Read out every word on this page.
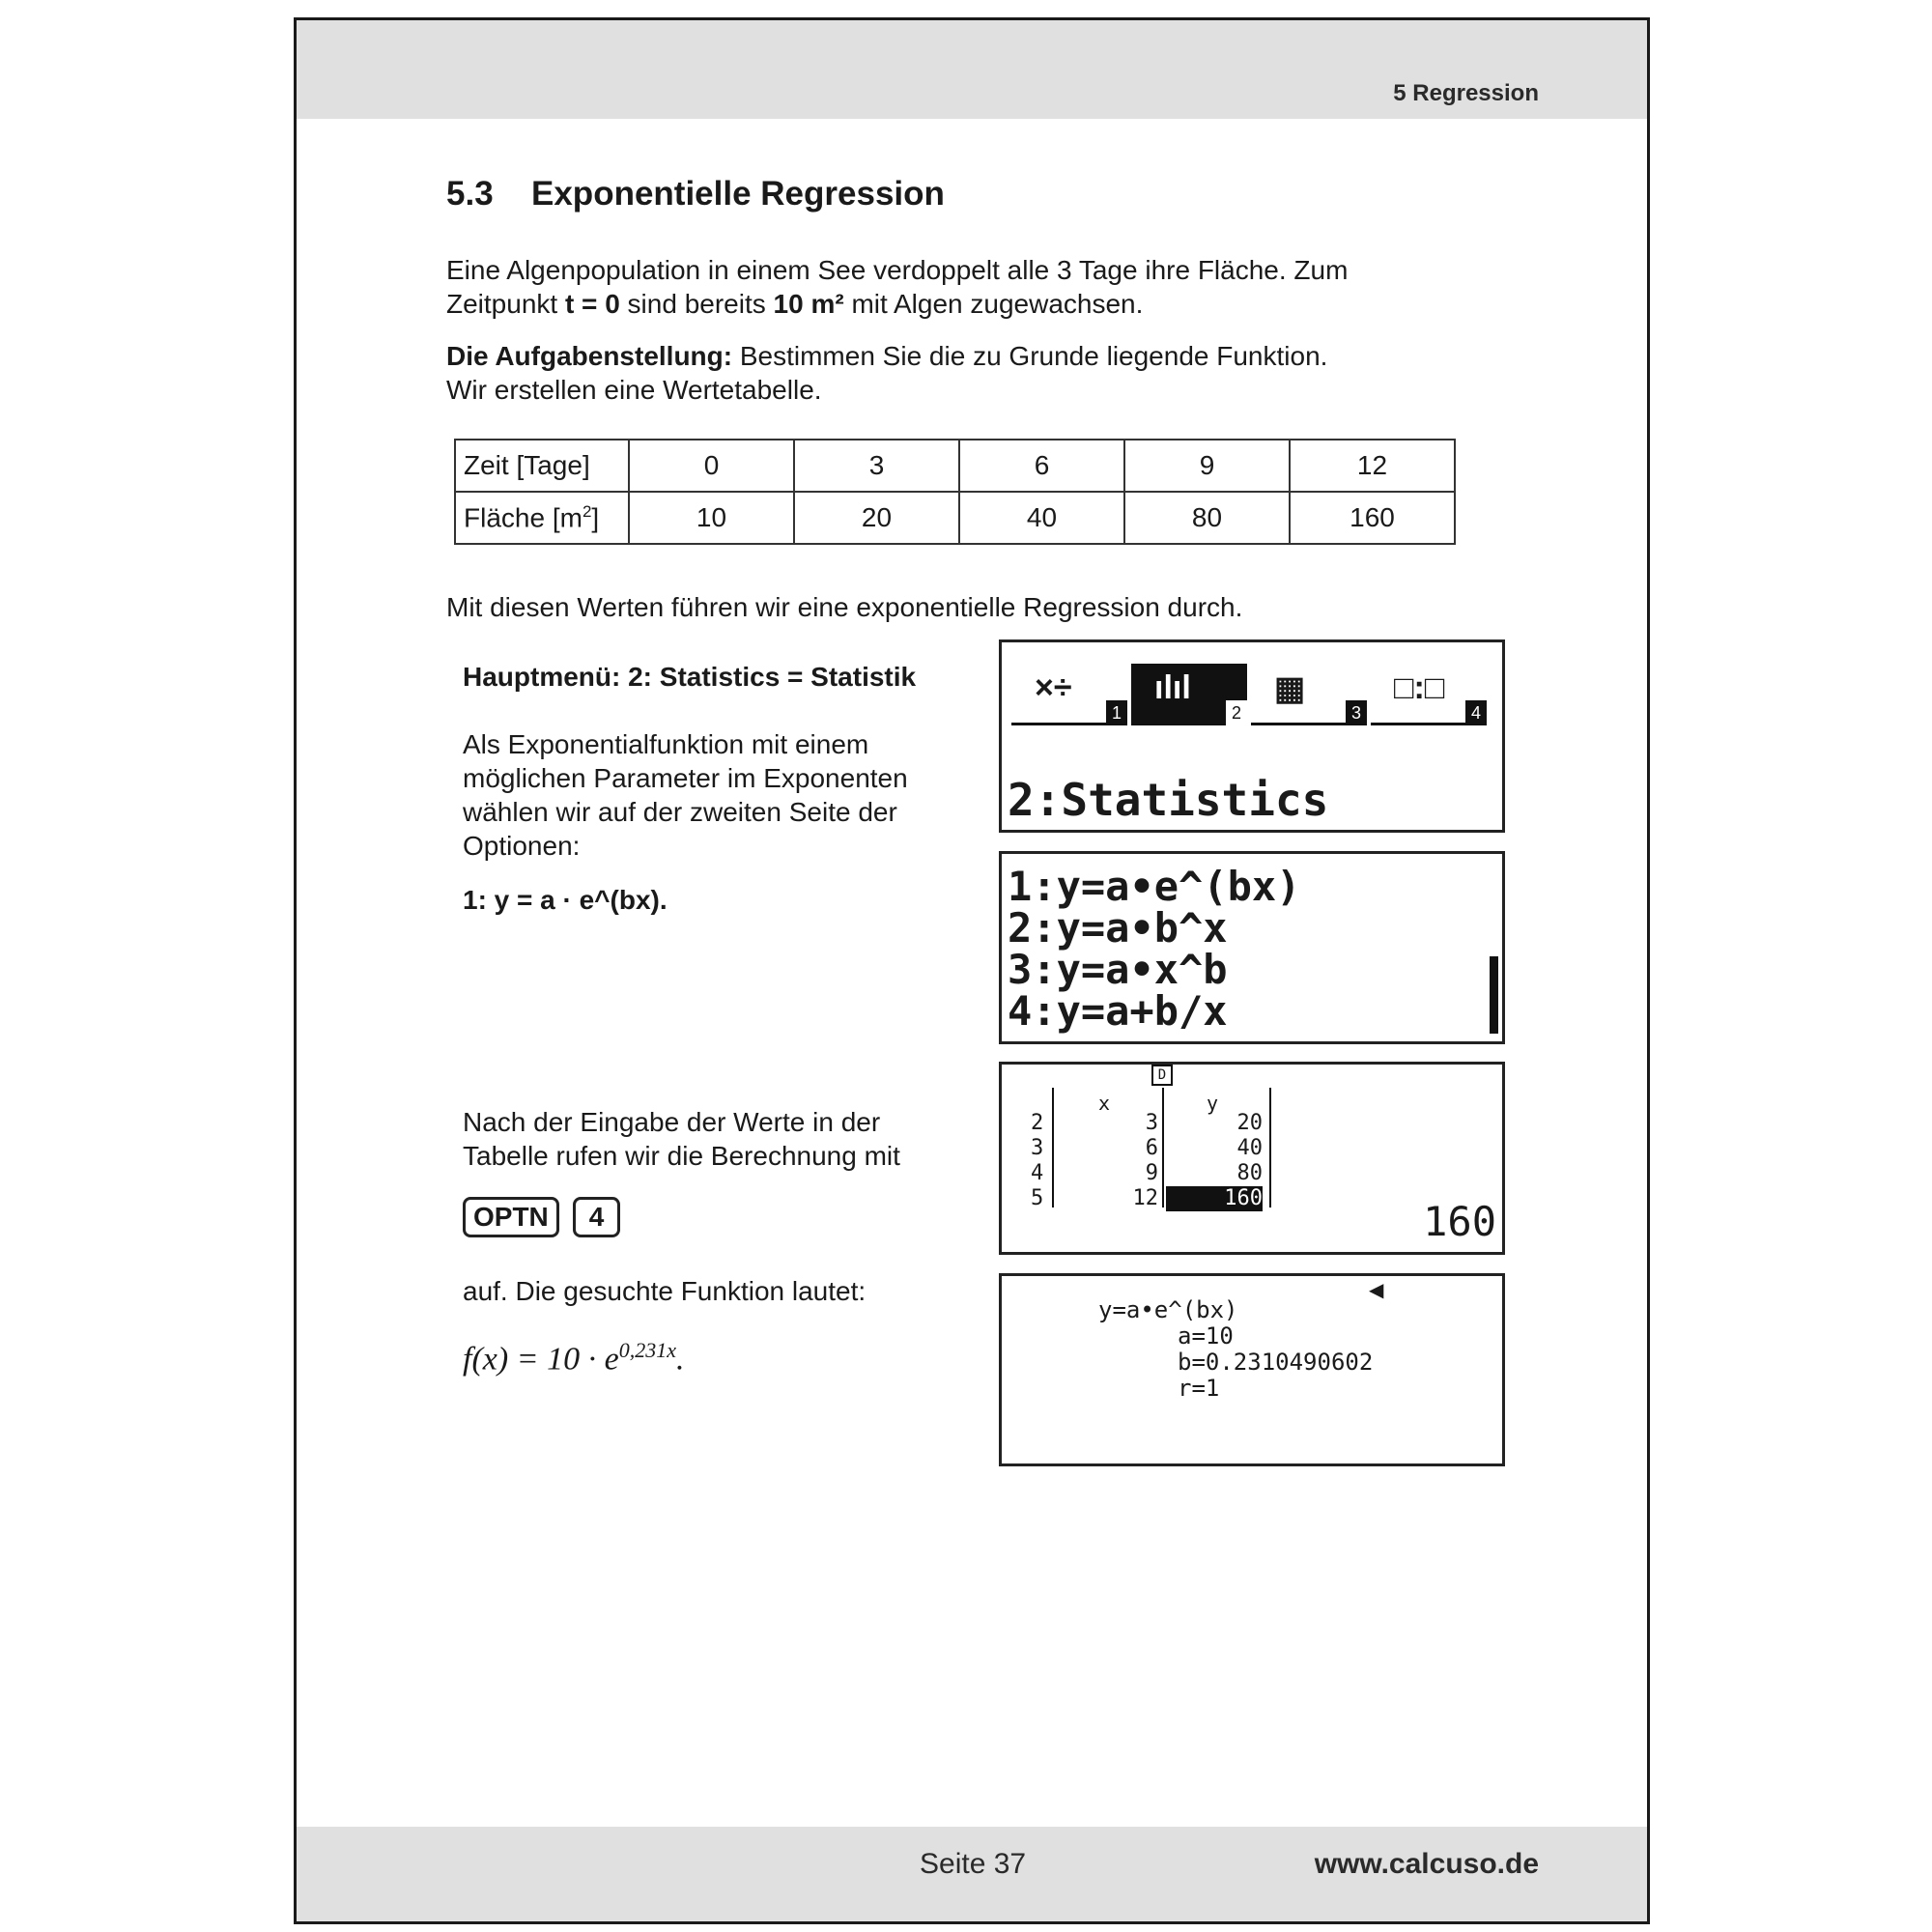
5 Regression
5.3 Exponentielle Regression
Eine Algenpopulation in einem See verdoppelt alle 3 Tage ihre Fläche. Zum
Zeitpunkt t = 0 sind bereits 10 m² mit Algen zugewachsen.
Die Aufgabenstellung: Bestimmen Sie die zu Grunde liegende Funktion.
Wir erstellen eine Wertetabelle.
Zeit [Tage]	0	3	6	9	12
Fläche $[m^2]$	10	20	40	80	160
Mit diesen Werten führen wir eine exponentielle Regression durch.
Hauptmenü: 2: Statistics = Statistik
Als Exponentialfunktion mit einem
möglichen Parameter im Exponenten
wählen wir auf der zweiten Seite der
Optionen:
1: y = a · e^(bx).
Nach der Eingabe der Werte in der
Tabelle rufen wir die Berechnung mit
OPTN 4
auf. Die gesuchte Funktion lautet:
$f(x) = 10 \cdot e^{0,231x}$.
×÷
1
ılıl
2
▦
3
□:□
4
2:Statistics
1:y=a•e^(bx)
2:y=a•b^x
3:y=a•x^b
4:y=a+b/x
D
x	y
2	3	20
3	6	40
4	9	80
5	12	160	160
◀
y=a•e^(bx)
a=10
b=0.2310490602
r=1
Seite 37	www.calcuso.de
